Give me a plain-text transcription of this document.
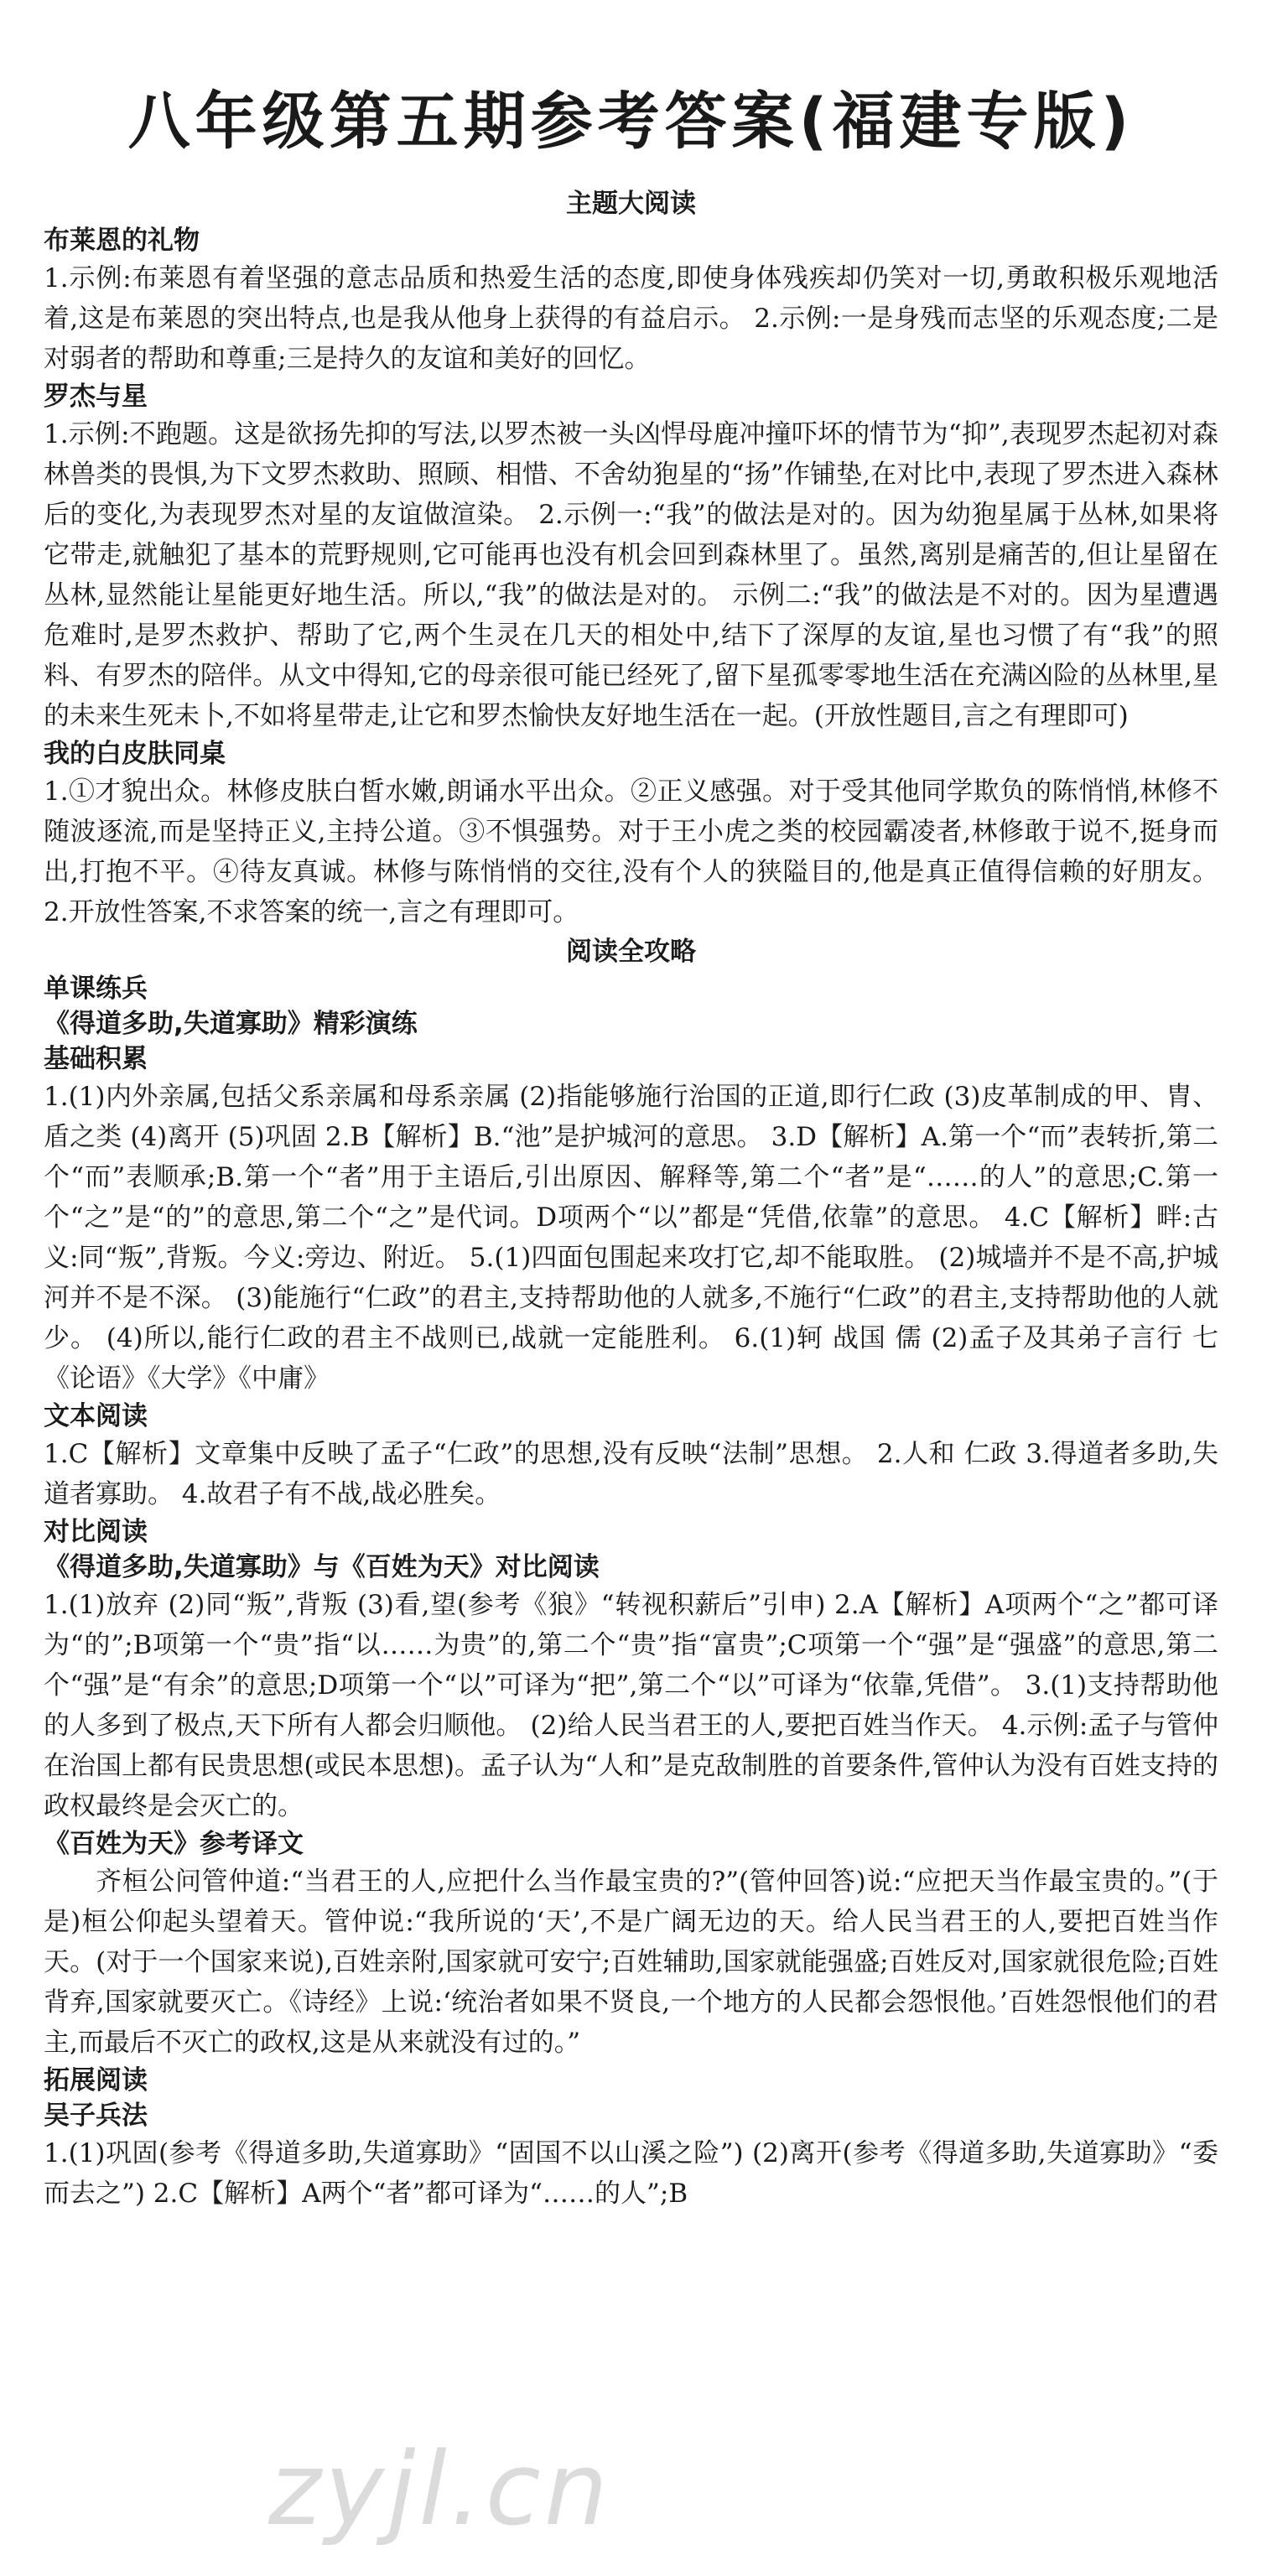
八年级第五期参考答案(福建专版)
主题大阅读
布莱恩的礼物
1.示例:布莱恩有着坚强的意志品质和热爱生活的态度,即使身体残疾却仍笑对一切,勇敢积极乐观地活着,这是布莱恩的突出特点,也是我从他身上获得的有益启示。 2.示例:一是身残而志坚的乐观态度;二是对弱者的帮助和尊重;三是持久的友谊和美好的回忆。
罗杰与星
1.示例:不跑题。这是欲扬先抑的写法,以罗杰被一头凶悍母鹿冲撞吓坏的情节为“抑”,表现罗杰起初对森林兽类的畏惧,为下文罗杰救助、照顾、相惜、不舍幼狍星的“扬”作铺垫,在对比中,表现了罗杰进入森林后的变化,为表现罗杰对星的友谊做渲染。 2.示例一:“我”的做法是对的。因为幼狍星属于丛林,如果将它带走,就触犯了基本的荒野规则,它可能再也没有机会回到森林里了。虽然,离别是痛苦的,但让星留在丛林,显然能让星能更好地生活。所以,“我”的做法是对的。 示例二:“我”的做法是不对的。因为星遭遇危难时,是罗杰救护、帮助了它,两个生灵在几天的相处中,结下了深厚的友谊,星也习惯了有“我”的照料、有罗杰的陪伴。从文中得知,它的母亲很可能已经死了,留下星孤零零地生活在充满凶险的丛林里,星的未来生死未卜,不如将星带走,让它和罗杰愉快友好地生活在一起。(开放性题目,言之有理即可)
我的白皮肤同桌
1.①才貌出众。林修皮肤白皙水嫩,朗诵水平出众。②正义感强。对于受其他同学欺负的陈悄悄,林修不随波逐流,而是坚持正义,主持公道。③不惧强势。对于王小虎之类的校园霸凌者,林修敢于说不,挺身而出,打抱不平。④待友真诚。林修与陈悄悄的交往,没有个人的狭隘目的,他是真正值得信赖的好朋友。 2.开放性答案,不求答案的统一,言之有理即可。
阅读全攻略
单课练兵
《得道多助,失道寡助》精彩演练
基础积累
1.(1)内外亲属,包括父系亲属和母系亲属 (2)指能够施行治国的正道,即行仁政 (3)皮革制成的甲、胄、盾之类 (4)离开 (5)巩固 2.B【解析】B.“池”是护城河的意思。 3.D【解析】A.第一个“而”表转折,第二个“而”表顺承;B.第一个“者”用于主语后,引出原因、解释等,第二个“者”是“……的人”的意思;C.第一个“之”是“的”的意思,第二个“之”是代词。D项两个“以”都是“凭借,依靠”的意思。 4.C【解析】畔:古义:同“叛”,背叛。今义:旁边、附近。 5.(1)四面包围起来攻打它,却不能取胜。 (2)城墙并不是不高,护城河并不是不深。 (3)能施行“仁政”的君主,支持帮助他的人就多,不施行“仁政”的君主,支持帮助他的人就少。 (4)所以,能行仁政的君主不战则已,战就一定能胜利。 6.(1)轲 战国 儒 (2)孟子及其弟子言行 七 《论语》《大学》《中庸》
文本阅读
1.C【解析】文章集中反映了孟子“仁政”的思想,没有反映“法制”思想。 2.人和 仁政 3.得道者多助,失道者寡助。 4.故君子有不战,战必胜矣。
对比阅读
《得道多助,失道寡助》与《百姓为天》对比阅读
1.(1)放弃 (2)同“叛”,背叛 (3)看,望(参考《狼》“转视积薪后”引申) 2.A【解析】A项两个“之”都可译为“的”;B项第一个“贵”指“以……为贵”的,第二个“贵”指“富贵”;C项第一个“强”是“强盛”的意思,第二个“强”是“有余”的意思;D项第一个“以”可译为“把”,第二个“以”可译为“依靠,凭借”。 3.(1)支持帮助他的人多到了极点,天下所有人都会归顺他。 (2)给人民当君王的人,要把百姓当作天。 4.示例:孟子与管仲在治国上都有民贵思想(或民本思想)。孟子认为“人和”是克敌制胜的首要条件,管仲认为没有百姓支持的政权最终是会灭亡的。
《百姓为天》参考译文
齐桓公问管仲道:“当君王的人,应把什么当作最宝贵的?”(管仲回答)说:“应把天当作最宝贵的。”(于是)桓公仰起头望着天。管仲说:“我所说的‘天’,不是广阔无边的天。给人民当君王的人,要把百姓当作天。(对于一个国家来说),百姓亲附,国家就可安宁;百姓辅助,国家就能强盛;百姓反对,国家就很危险;百姓背弃,国家就要灭亡。《诗经》上说:‘统治者如果不贤良,一个地方的人民都会怨恨他。’百姓怨恨他们的君主,而最后不灭亡的政权,这是从来就没有过的。”
拓展阅读
吴子兵法
1.(1)巩固(参考《得道多助,失道寡助》“固国不以山溪之险”) (2)离开(参考《得道多助,失道寡助》“委而去之”) 2.C【解析】A两个“者”都可译为“……的人”;B
zyjl.cn
